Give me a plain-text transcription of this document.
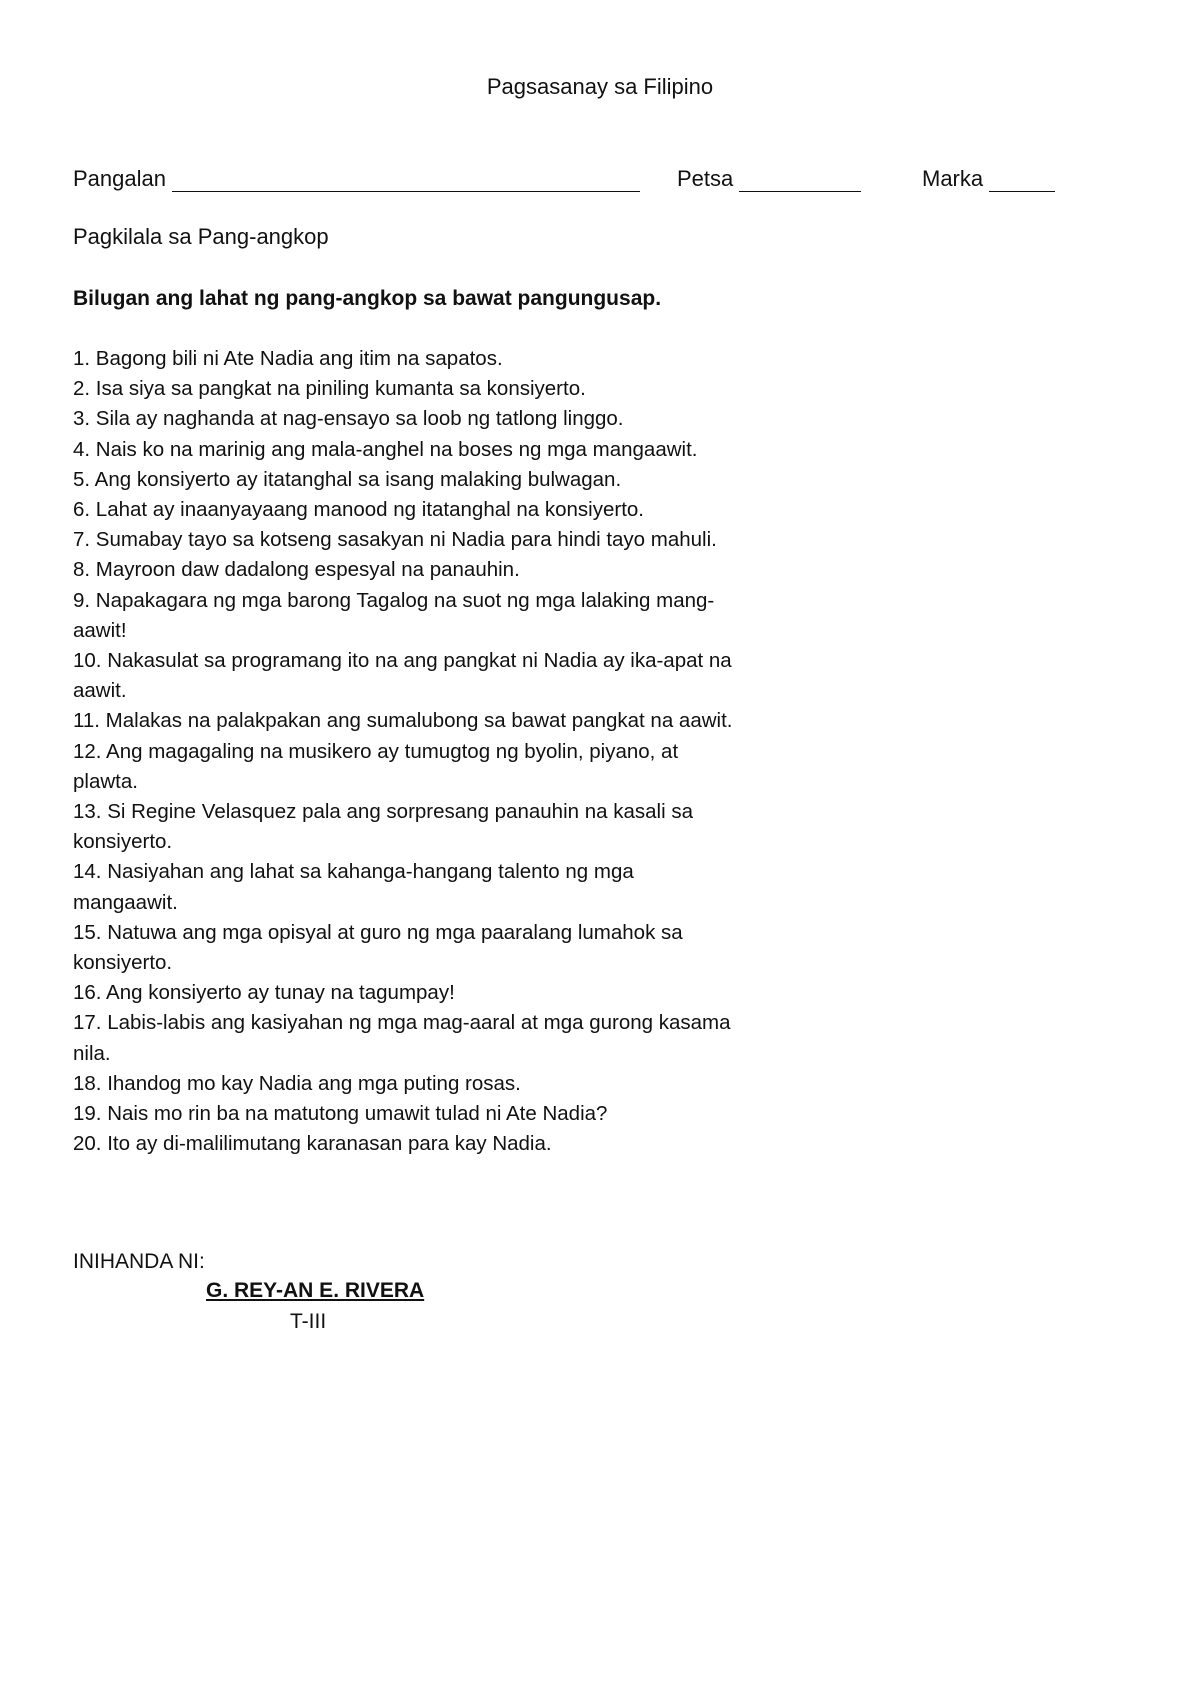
Pagsasanay sa Filipino
Pangalan	Petsa	Marka
Pagkilala sa Pang-angkop
Bilugan ang lahat ng pang-angkop sa bawat pangungusap.
1. Bagong bili ni Ate Nadia ang itim na sapatos.
2. Isa siya sa pangkat na piniling kumanta sa konsiyerto.
3. Sila ay naghanda at nag-ensayo sa loob ng tatlong linggo.
4. Nais ko na marinig ang mala-anghel na boses ng mga mangaawit.
5. Ang konsiyerto ay itatanghal sa isang malaking bulwagan.
6. Lahat ay inaanyayaang manood ng itatanghal na konsiyerto.
7. Sumabay tayo sa kotseng sasakyan ni Nadia para hindi tayo mahuli.
8. Mayroon daw dadalong espesyal na panauhin.
9. Napakagara ng mga barong Tagalog na suot ng mga lalaking mang-aawit!
10. Nakasulat sa programang ito na ang pangkat ni Nadia ay ika-apat na aawit.
11. Malakas na palakpakan ang sumalubong sa bawat pangkat na aawit.
12. Ang magagaling na musikero ay tumugtog ng byolin, piyano, at plawta.
13. Si Regine Velasquez pala ang sorpresang panauhin na kasali sa konsiyerto.
14. Nasiyahan ang lahat sa kahanga-hangang talento ng mga mangaawit.
15. Natuwa ang mga opisyal at guro ng mga paaralang lumahok sa konsiyerto.
16. Ang konsiyerto ay tunay na tagumpay!
17. Labis-labis ang kasiyahan ng mga mag-aaral at mga gurong kasama nila.
18. Ihandog mo kay Nadia ang mga puting rosas.
19. Nais mo rin ba na matutong umawit tulad ni Ate Nadia?
20. Ito ay di-malilimutang karanasan para kay Nadia.
INIHANDA NI:
G. REY-AN E. RIVERA
T-III
